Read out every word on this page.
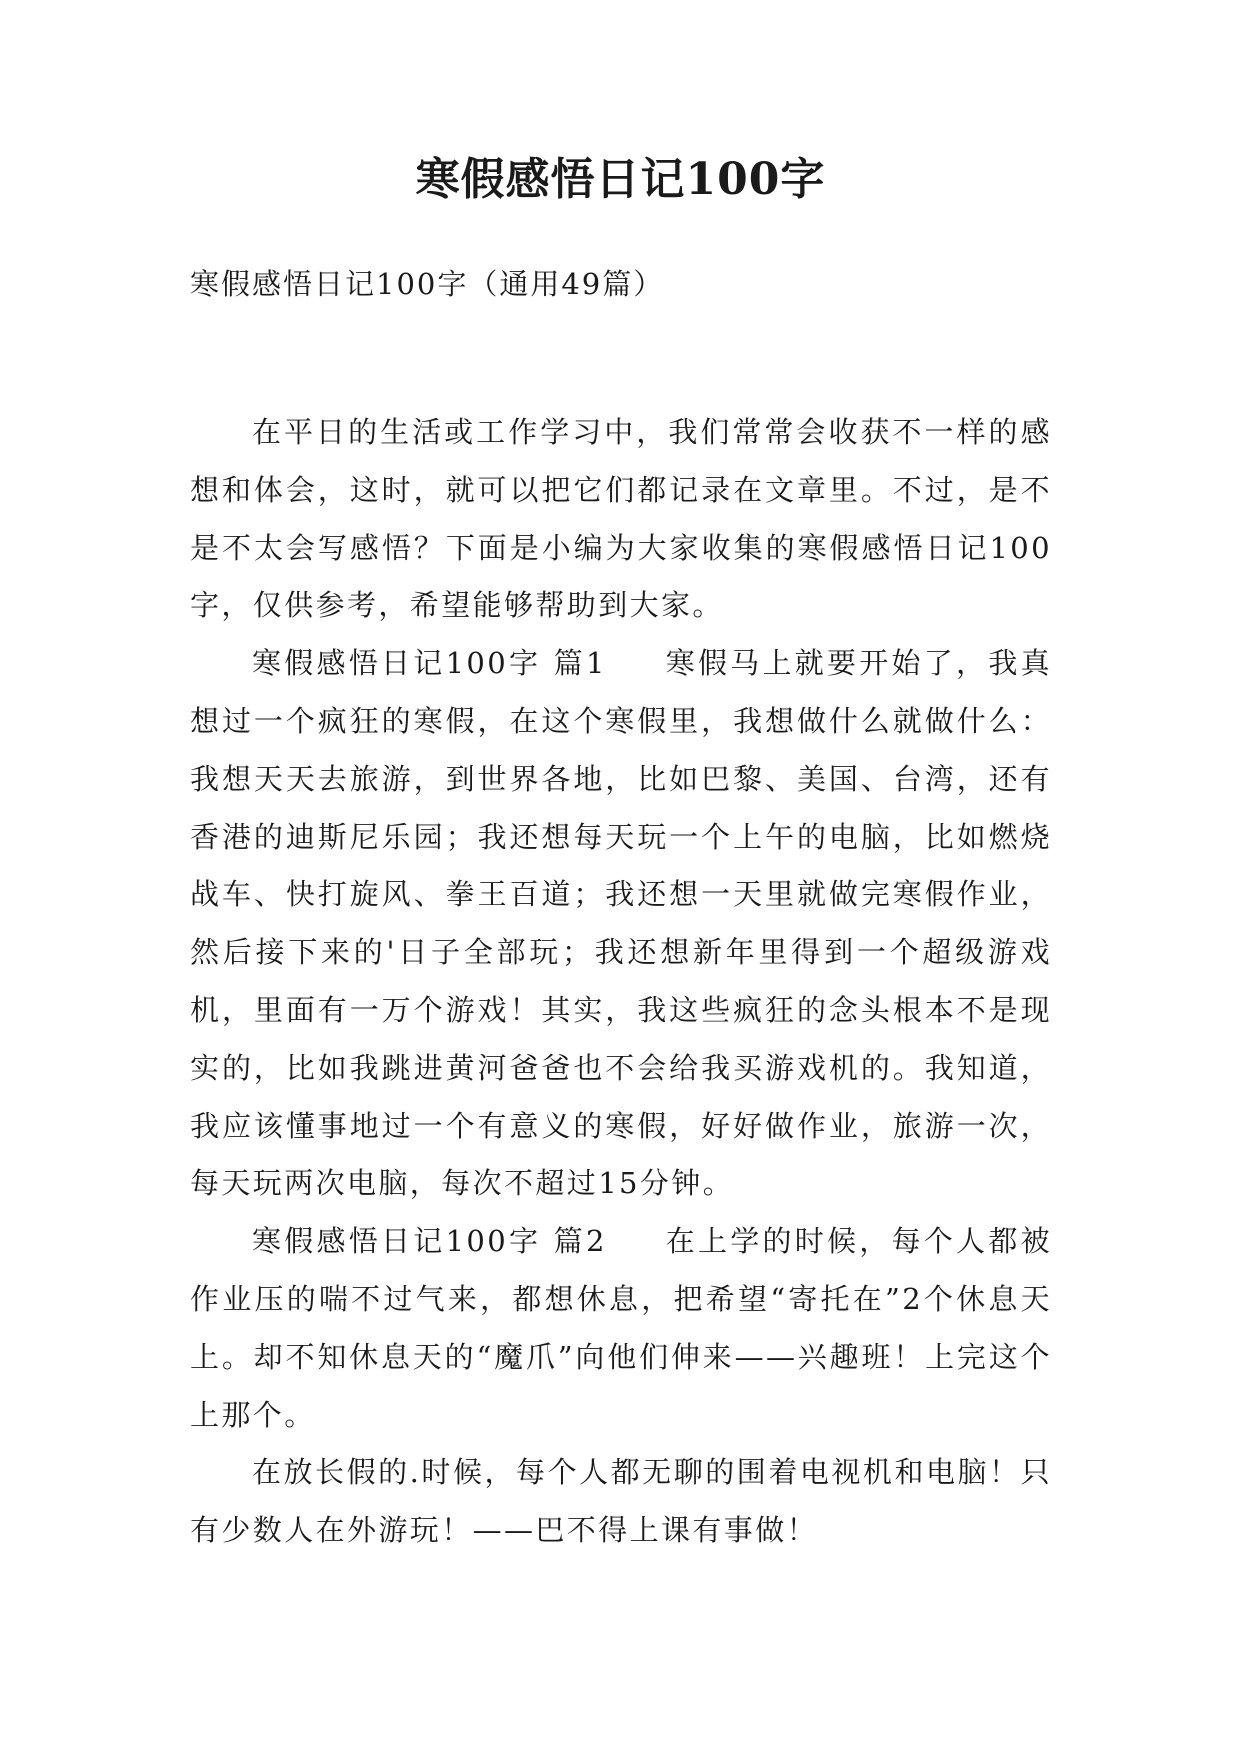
寒假感悟日记100字
寒假感悟日记100字（通用49篇）

在平日的生活或工作学习中，我们常常会收获不一样的感想和体会，这时，就可以把它们都记录在文章里。不过，是不是不太会写感悟？下面是小编为大家收集的寒假感悟日记100字，仅供参考，希望能够帮助到大家。

寒假感悟日记100字 篇1 寒假马上就要开始了，我真想过一个疯狂的寒假，在这个寒假里，我想做什么就做什么：我想天天去旅游，到世界各地，比如巴黎、美国、台湾，还有香港的迪斯尼乐园；我还想每天玩一个上午的电脑，比如燃烧战车、快打旋风、拳王百道；我还想一天里就做完寒假作业，然后接下来的'日子全部玩；我还想新年里得到一个超级游戏机，里面有一万个游戏！其实，我这些疯狂的念头根本不是现实的，比如我跳进黄河爸爸也不会给我买游戏机的。我知道，我应该懂事地过一个有意义的寒假，好好做作业，旅游一次，每天玩两次电脑，每次不超过15分钟。

寒假感悟日记100字 篇2 在上学的时候，每个人都被作业压的喘不过气来，都想休息，把希望“寄托在”2个休息天上。却不知休息天的“魔爪”向他们伸来——兴趣班！上完这个上那个。

在放长假的.时候，每个人都无聊的围着电视机和电脑！只有少数人在外游玩！——巴不得上课有事做！
